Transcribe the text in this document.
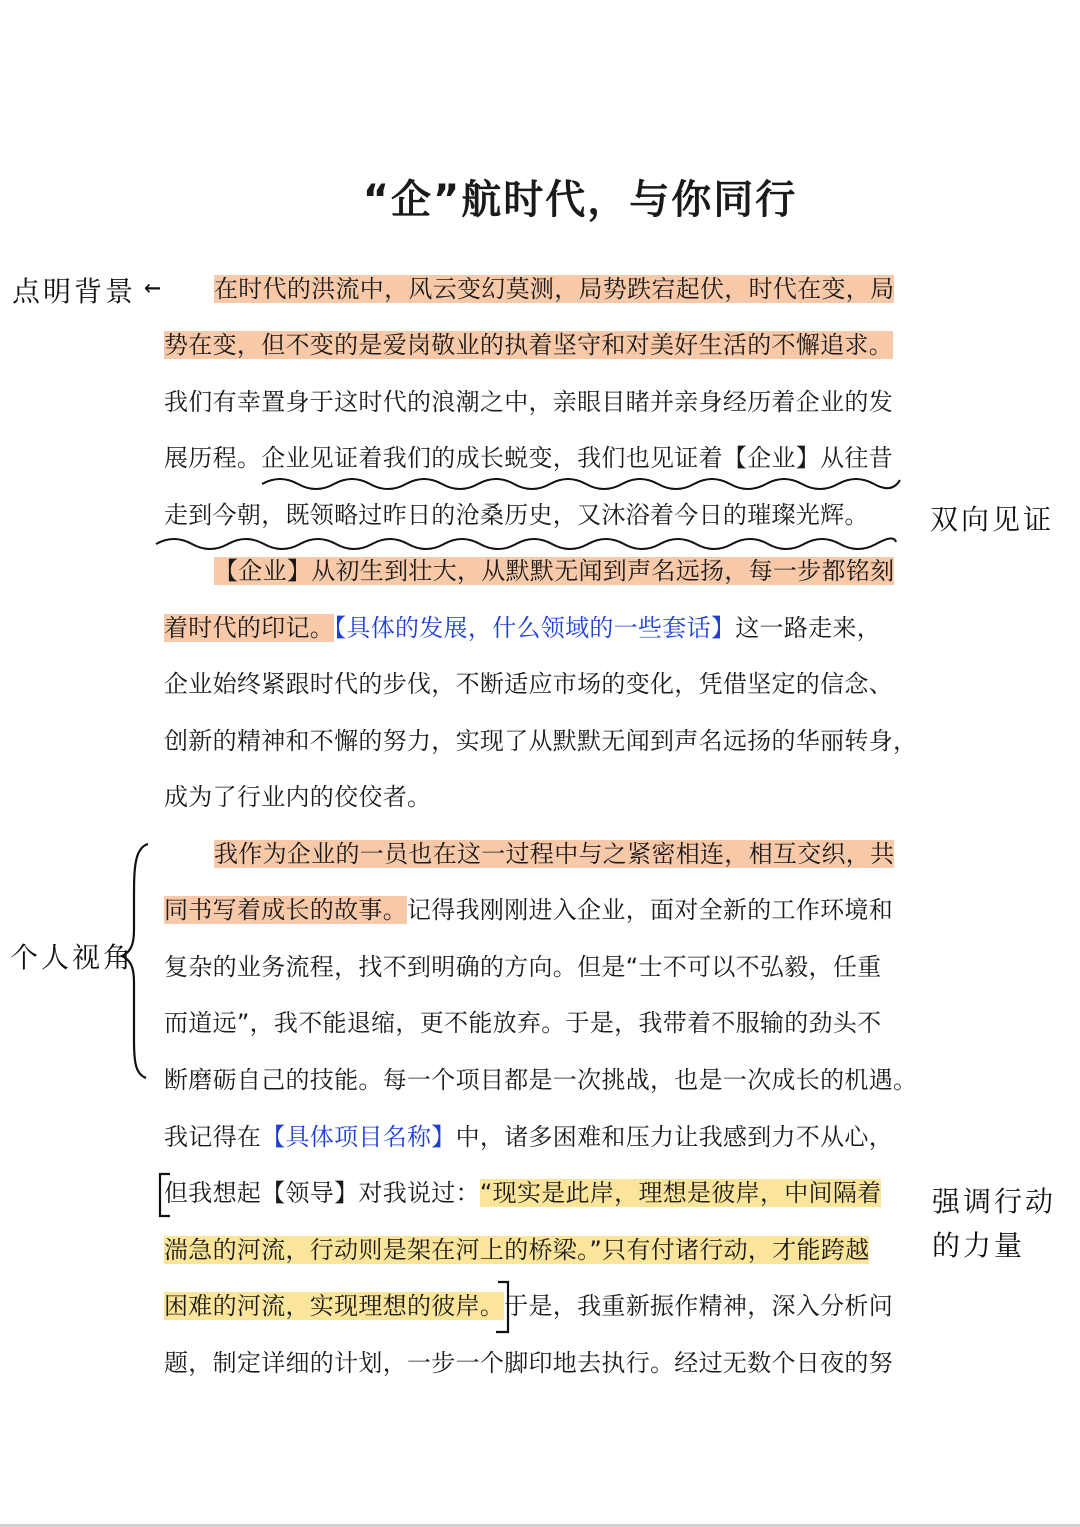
“企”航时代，与你同行
在时代的洪流中，风云变幻莫测，局势跌宕起伏，时代在变，局
势在变，但不变的是爱岗敬业的执着坚守和对美好生活的不懈追求。
我们有幸置身于这时代的浪潮之中，亲眼目睹并亲身经历着企业的发
展历程。企业见证着我们的成长蜕变，我们也见证着【企业】从往昔
走到今朝，既领略过昨日的沧桑历史，又沐浴着今日的璀璨光辉。
【企业】从初生到壮大，从默默无闻到声名远扬，每一步都铭刻
着时代的印记。【具体的发展，什么领域的一些套话】这一路走来，
企业始终紧跟时代的步伐，不断适应市场的变化，凭借坚定的信念、
创新的精神和不懈的努力，实现了从默默无闻到声名远扬的华丽转身，
成为了行业内的佼佼者。
我作为企业的一员也在这一过程中与之紧密相连，相互交织，共
同书写着成长的故事。记得我刚刚进入企业，面对全新的工作环境和
复杂的业务流程，找不到明确的方向。但是“士不可以不弘毅，任重
而道远”，我不能退缩，更不能放弃。于是，我带着不服输的劲头不
断磨砺自己的技能。每一个项目都是一次挑战，也是一次成长的机遇。
我记得在【具体项目名称】中，诸多困难和压力让我感到力不从心，
但我想起【领导】对我说过：“现实是此岸，理想是彼岸，中间隔着
湍急的河流，行动则是架在河上的桥梁。”只有付诸行动，才能跨越
困难的河流，实现理想的彼岸。于是，我重新振作精神，深入分析问
题，制定详细的计划，一步一个脚印地去执行。经过无数个日夜的努
点明背景 ←
双向见证
个人视角
强调行动
的力量
